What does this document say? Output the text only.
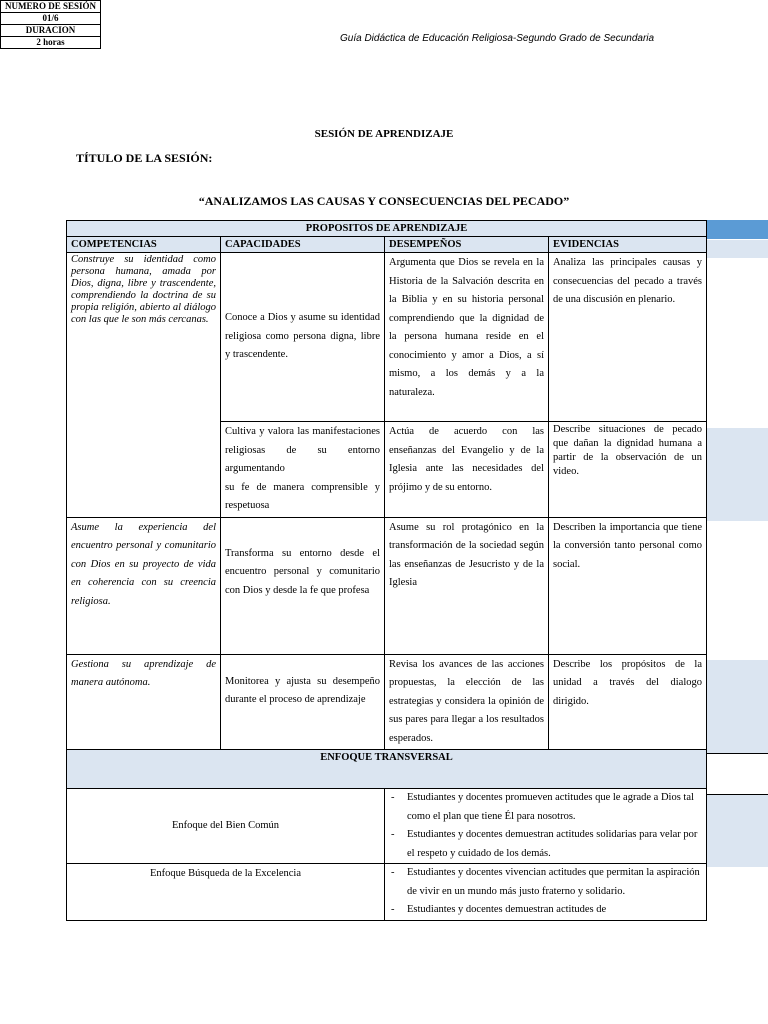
Guía Didáctica de Educación Religiosa-Segundo Grado de Secundaria
NUMERO DE SESIÓN
01/6
DURACION
2 horas
SESIÓN DE APRENDIZAJE
TÍTULO DE LA SESIÓN:
“ANALIZAMOS LAS CAUSAS Y CONSECUENCIAS DEL PECADO”
PROPOSITOS DE APRENDIZAJE			
COMPETENCIAS	CAPACIDADES	DESEMPEÑOS	EVIDENCIAS
Construye su identidad como persona humana, amada por Dios, digna, libre y trascendente, comprendiendo la doctrina de su propia religión, abierto al diálogo con las que le son más cercanas.	Conoce a Dios y asume su identidad religiosa como persona digna, libre y trascendente.	Argumenta que Dios se revela en la Historia de la Salvación descrita en la Biblia y en su historia personal comprendiendo que la dignidad de la persona humana reside en el conocimiento y amor a Dios, a sí mismo, a los demás y a la naturaleza.	Analiza las principales causas y consecuencias del pecado a través de una discusión en plenario.

	Cultiva y valora las manifestaciones religiosas de su entorno argumentando
su fe de manera comprensible y respetuosa	Actúa de acuerdo con las enseñanzas del Evangelio y de la Iglesia ante las necesidades del prójimo y de su entorno.	Describe situaciones de pecado que dañan la dignidad humana a partir de la observación de un video.
Asume la experiencia del encuentro personal y comunitario con Dios en su proyecto de vida en coherencia con su creencia religiosa.	Transforma su entorno desde el encuentro personal y comunitario con Dios y desde la fe que profesa	Asume su rol protagónico en la transformación de la sociedad según las enseñanzas de Jesucristo y de la Iglesia	Describen la importancia que tiene la conversión tanto personal como social.
Gestiona su aprendizaje de manera autónoma.	Monitorea y ajusta su desempeño durante el proceso de aprendizaje	Revisa los avances de las acciones propuestas, la elección de las estrategias y considera la opinión de sus pares para llegar a los resultados esperados.	Describe los propósitos de la unidad a través del dialogo dirigido.
ENFOQUE TRANSVERSAL			
Enfoque del Bien Común		- Estudiantes y docentes promueven actitudes que le agrade a Dios tal como el plan que tiene Él para nosotros.
- Estudiantes y docentes demuestran actitudes solidarias para velar por el respeto y cuidado de los demás.	

Enfoque Búsqueda de la Excelencia		- Estudiantes y docentes vivencian actitudes que permitan la aspiración de vivir en un mundo más justo fraterno y solidario.
- Estudiantes y docentes demuestran actitudes de	
